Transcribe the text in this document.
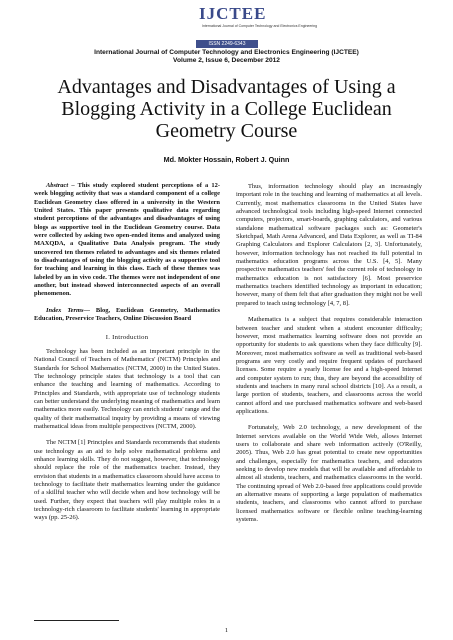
IJCTEE
International Journal of Computer Technology and Electronics Engineering
ISSN 2249-6343
International Journal of Computer Technology and Electronics Engineering (IJCTEE)
Volume 2, Issue 6, December 2012
Advantages and Disadvantages of Using a Blogging Activity in a College Euclidean Geometry Course
Md. Mokter Hossain, Robert J. Quinn

Abstract – This study explored student perceptions of a 12-week blogging activity that was a standard component of a college Euclidean Geometry class offered in a university in the Western United States. This paper presents qualitative data regarding student perceptions of the advantages and disadvantages of using blogs as supportive tool in the Euclidean Geometry course. Data were collected by asking two open-ended items and analyzed using MAXQDA, a Qualitative Data Analysis program. The study uncovered ten themes related to advantages and six themes related to disadvantages of using the blogging activity as a supportive tool for teaching and learning in this class. Each of these themes was labeled by an in vivo code. The themes were not independent of one another, but instead showed interconnected aspects of an overall phenomenon.

Index Terms— Blog, Euclidean Geometry, Mathematics Education, Preservice Teachers, Online Discussion Board

I. Introduction

Technology has been included as an important principle in the National Council of Teachers of Mathematics' (NCTM) Principles and Standards for School Mathematics (NCTM, 2000) in the United States. The technology principle states that technology is a tool that can enhance the teaching and learning of mathematics. According to Principles and Standards, with appropriate use of technology students can better understand the underlying meaning of mathematics and learn mathematics more easily. Technology can enrich students' range and the quality of their mathematical inquiry by providing a means of viewing mathematical ideas from multiple perspectives (NCTM, 2000).

The NCTM [1] Principles and Standards recommends that students use technology as an aid to help solve mathematical problems and enhance learning skills. They do not suggest, however, that technology should replace the role of the mathematics teacher. Instead, they envision that students in a mathematics classroom should have access to technology to facilitate their mathematics learning under the guidance of a skillful teacher who will decide when and how technology will be used. Further, they expect that teachers will play multiple roles in a technology-rich classroom to facilitate students' learning in appropriate ways (pp. 25-26).

Thus, information technology should play an increasingly important role in the teaching and learning of mathematics at all levels. Currently, most mathematics classrooms in the United States have advanced technological tools including high-speed Internet connected computers, projectors, smart-boards, graphing calculators, and various standalone mathematical software packages such as: Geometer's Sketchpad, Math Arena Advanced, and Data Explorer, as well as TI-84 Graphing Calculators and Explorer Calculators [2, 3]. Unfortunately, however, information technology has not reached its full potential in mathematics education programs across the U.S. [4, 5]. Many prospective mathematics teachers' feel the current role of technology in mathematics education is not satisfactory [6]. Most preservice mathematics teachers identified technology as important in education; however, many of them felt that after graduation they might not be well prepared to teach using technology [4, 7, 8].

Mathematics is a subject that requires considerable interaction between teacher and student when a student encounter difficulty; however, most mathematics learning software does not provide an opportunity for students to ask questions when they face difficulty [9]. Moreover, most mathematics software as well as traditional web-based programs are very costly and require frequent updates of purchased licenses. Some require a yearly license fee and a high-speed Internet and computer system to run; thus, they are beyond the accessibility of students and teachers in many rural school districts [10]. As a result, a large portion of students, teachers, and classrooms across the world cannot afford and use purchased mathematics software and web-based applications.

Fortunately, Web 2.0 technology, a new development of the Internet services available on the World Wide Web, allows Internet users to collaborate and share web information actively (O'Reilly, 2005). Thus, Web 2.0 has great potential to create new opportunities and challenges, especially for mathematics teachers, and educators seeking to develop new models that will be available and affordable to almost all students, teachers, and mathematics classrooms in the world. The continuing spread of Web 2.0-based free applications could provide an alternative means of supporting a large population of mathematics students, teachers, and classrooms who cannot afford to purchase licensed mathematics software or flexible online teaching-learning systems.

1
